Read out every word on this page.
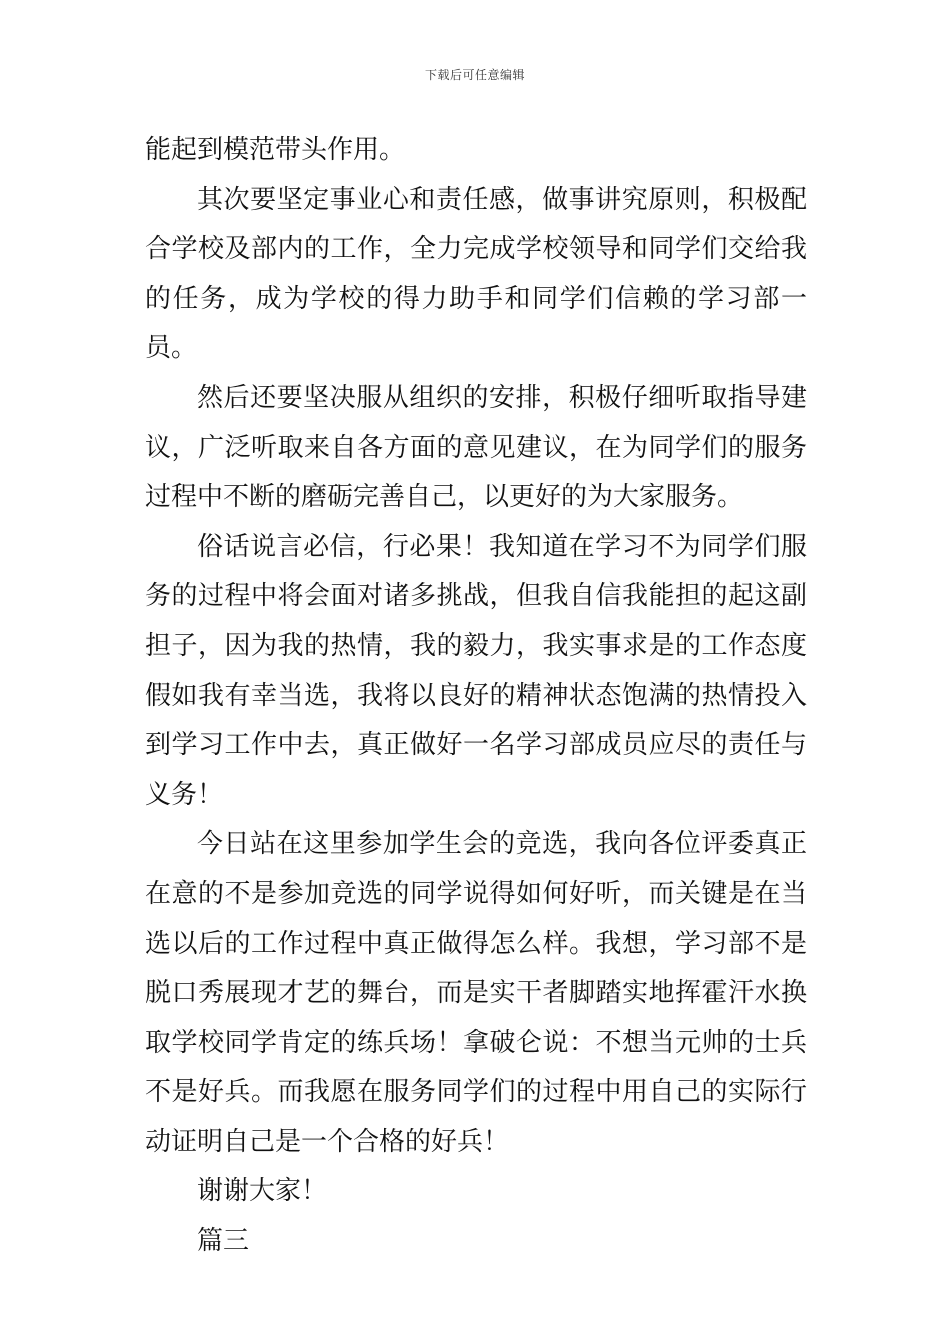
下载后可任意编辑

能起到模范带头作用。

其次要坚定事业心和责任感，做事讲究原则，积极配合学校及部内的工作，全力完成学校领导和同学们交给我的任务，成为学校的得力助手和同学们信赖的学习部一员。

然后还要坚决服从组织的安排，积极仔细听取指导建议，广泛听取来自各方面的意见建议，在为同学们的服务过程中不断的磨砺完善自己，以更好的为大家服务。

俗话说言必信，行必果！我知道在学习不为同学们服务的过程中将会面对诸多挑战，但我自信我能担的起这副担子，因为我的热情，我的毅力，我实事求是的工作态度假如我有幸当选，我将以良好的精神状态饱满的热情投入到学习工作中去，真正做好一名学习部成员应尽的责任与义务！

今日站在这里参加学生会的竞选，我向各位评委真正在意的不是参加竞选的同学说得如何好听，而关键是在当选以后的工作过程中真正做得怎么样。我想，学习部不是脱口秀展现才艺的舞台，而是实干者脚踏实地挥霍汗水换取学校同学肯定的练兵场！拿破仑说：不想当元帅的士兵不是好兵。而我愿在服务同学们的过程中用自己的实际行动证明自己是一个合格的好兵！

谢谢大家！

篇三
